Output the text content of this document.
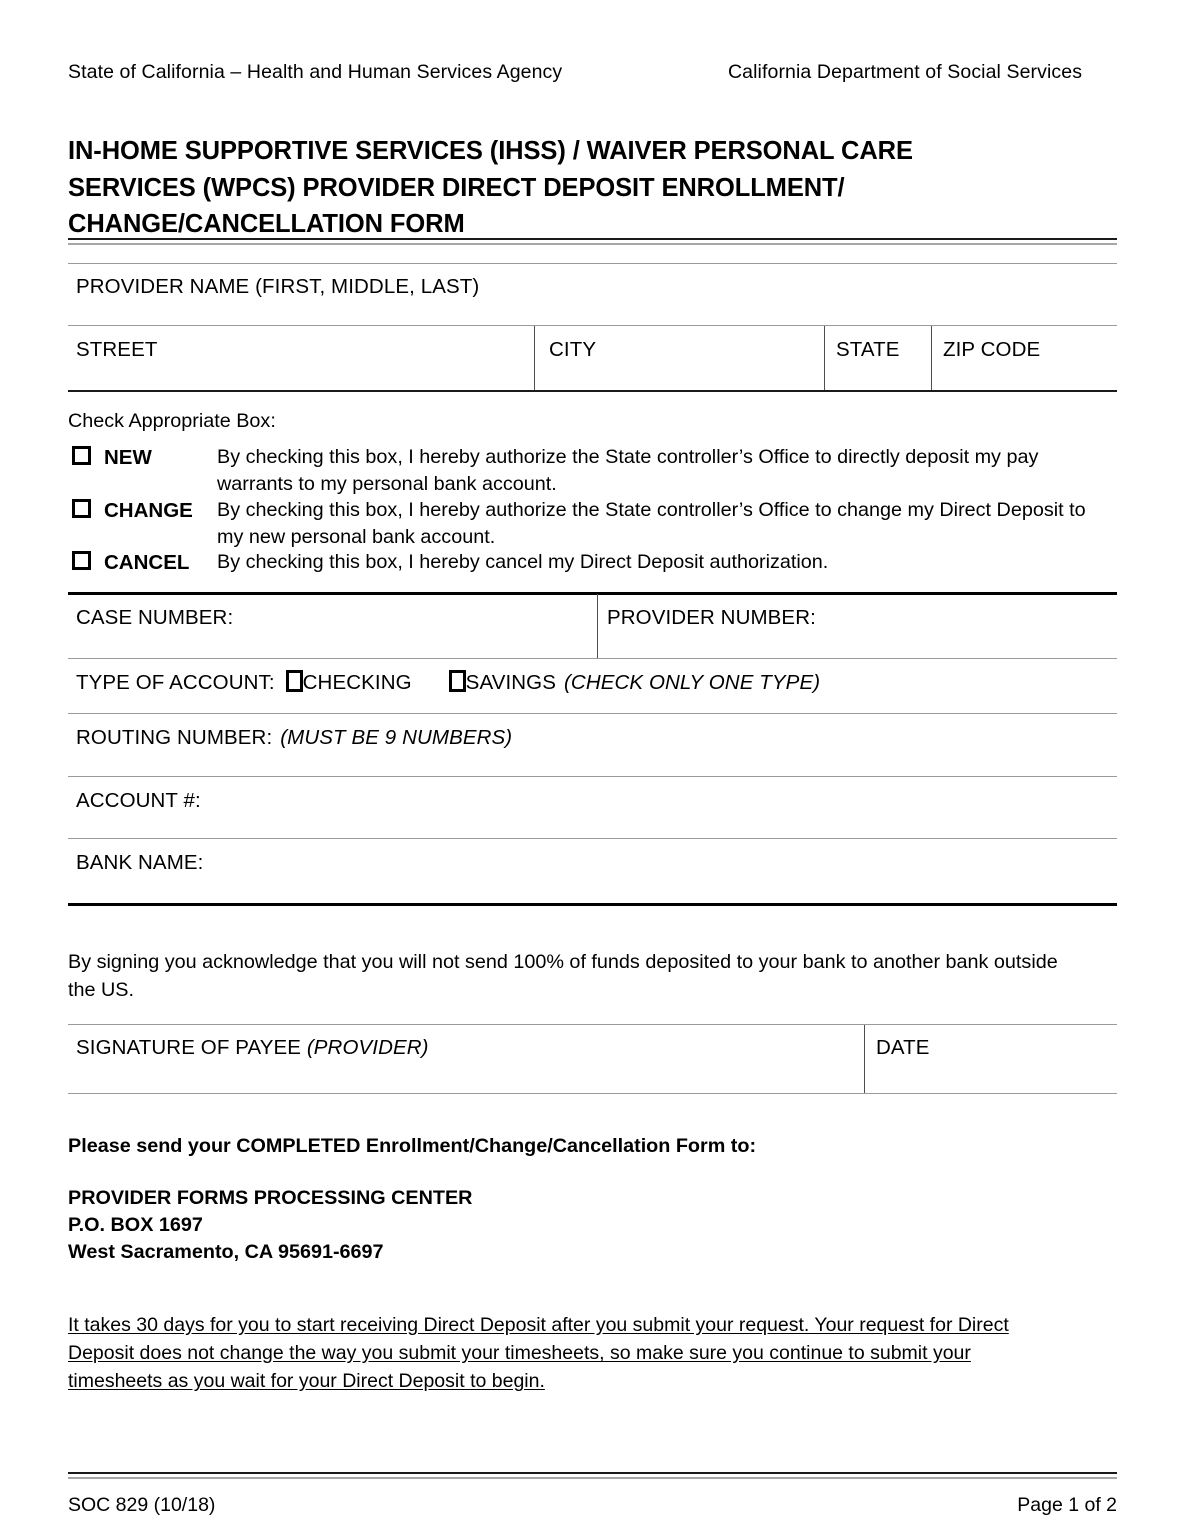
State of California – Health and Human Services Agency	California Department of Social Services
IN-HOME SUPPORTIVE SERVICES (IHSS) / WAIVER PERSONAL CARE
SERVICES (WPCS) PROVIDER DIRECT DEPOSIT ENROLLMENT/
CHANGE/CANCELLATION FORM
PROVIDER NAME (FIRST, MIDDLE, LAST)
STREET	CITY	STATE ZIP CODE
Check Appropriate Box:
NEW	By checking this box, I hereby authorize the State controller’s Office to directly deposit my pay warrants to my personal bank account.
CHANGE By checking this box, I hereby authorize the State controller’s Office to change my Direct Deposit to my new personal bank account.
CANCEL By checking this box, I hereby cancel my Direct Deposit authorization.
CASE NUMBER:	PROVIDER NUMBER:
TYPE OF ACCOUNT: CHECKING	SAVINGS (CHECK ONLY ONE TYPE)
ROUTING NUMBER: (MUST BE 9 NUMBERS)
ACCOUNT #:
BANK NAME:
By signing you acknowledge that you will not send 100% of funds deposited to your bank to another bank outside the US.
SIGNATURE OF PAYEE (PROVIDER)	DATE
Please send your COMPLETED Enrollment/Change/Cancellation Form to:
PROVIDER FORMS PROCESSING CENTER
P.O. BOX 1697
West Sacramento, CA 95691-6697
It takes 30 days for you to start receiving Direct Deposit after you submit your request. Your request for Direct
Deposit does not change the way you submit your timesheets, so make sure you continue to submit your
timesheets as you wait for your Direct Deposit to begin.
SOC 829 (10/18)	Page 1 of 2
